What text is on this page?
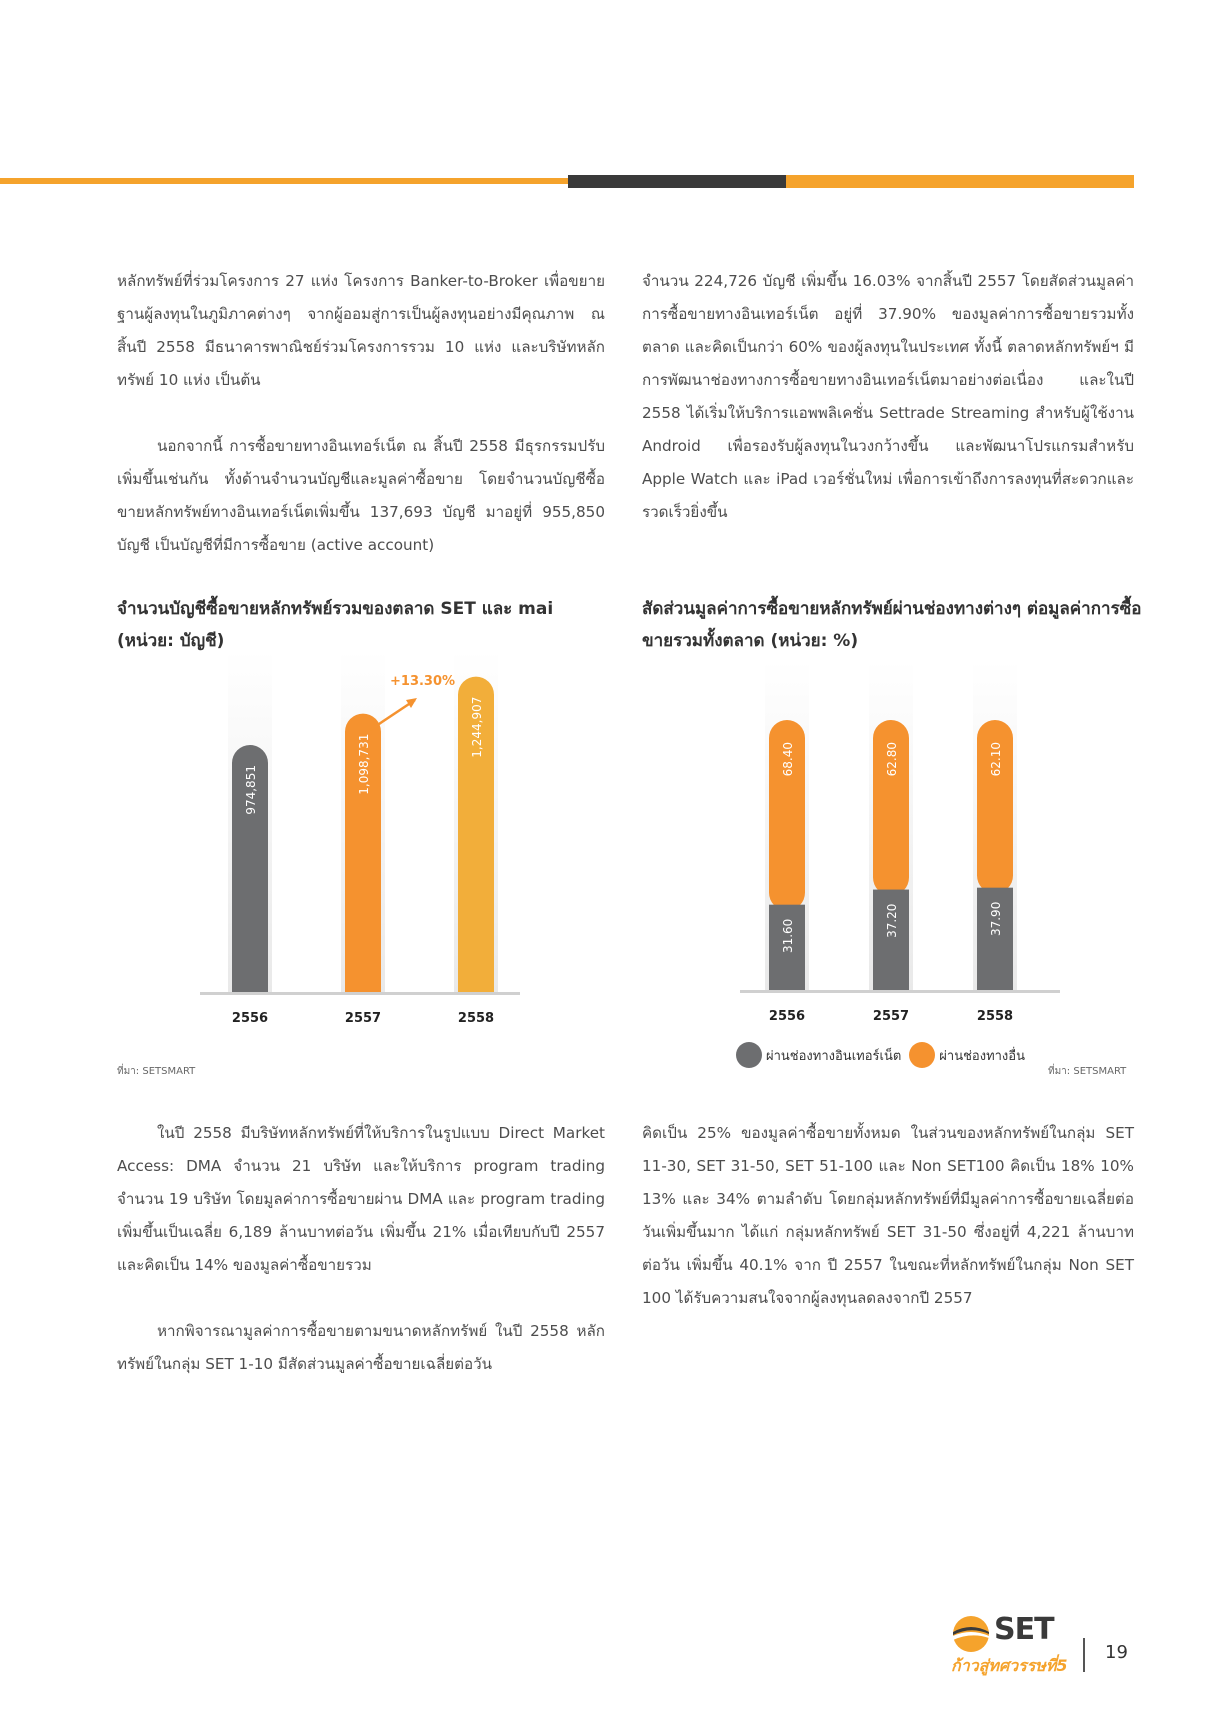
หลักทรัพย์ที่ร่วมโครงการ 27 แห่ง โครงการ Banker-to-Broker เพื่อขยายฐานผู้ลงทุนในภูมิภาคต่างๆ จากผู้ออมสู่การเป็นผู้ลงทุนอย่างมีคุณภาพ ณ สิ้นปี 2558 มีธนาคารพาณิชย์ร่วมโครงการรวม 10 แห่ง และบริษัทหลักทรัพย์ 10 แห่ง เป็นต้น

นอกจากนี้ การซื้อขายทางอินเทอร์เน็ต ณ สิ้นปี 2558 มีธุรกรรมปรับเพิ่มขึ้นเช่นกัน ทั้งด้านจำนวนบัญชีและมูลค่าซื้อขาย โดยจำนวนบัญชีซื้อขายหลักทรัพย์ทางอินเทอร์เน็ตเพิ่มขึ้น 137,693 บัญชี มาอยู่ที่ 955,850 บัญชี เป็นบัญชีที่มีการซื้อขาย (active account)

จำนวน 224,726 บัญชี เพิ่มขึ้น 16.03% จากสิ้นปี 2557 โดยสัดส่วนมูลค่าการซื้อขายทางอินเทอร์เน็ต อยู่ที่ 37.90% ของมูลค่าการซื้อขายรวมทั้งตลาด และคิดเป็นกว่า 60% ของผู้ลงทุนในประเทศ ทั้งนี้ ตลาดหลักทรัพย์ฯ มีการพัฒนาช่องทางการซื้อขายทางอินเทอร์เน็ตมาอย่างต่อเนื่อง และในปี 2558 ได้เริ่มให้บริการแอพพลิเคชั่น Settrade Streaming สำหรับผู้ใช้งาน Android เพื่อรองรับผู้ลงทุนในวงกว้างขึ้น และพัฒนาโปรแกรมสำหรับ Apple Watch และ iPad เวอร์ชั่นใหม่ เพื่อการเข้าถึงการลงทุนที่สะดวกและรวดเร็วยิ่งขึ้น

จำนวนบัญชีซื้อขายหลักทรัพย์รวมของตลาด SET และ mai (หน่วย: บัญชี)
สัดส่วนมูลค่าการซื้อขายหลักทรัพย์ผ่านช่องทางต่างๆ ต่อมูลค่าการซื้อขายรวมทั้งตลาด (หน่วย: %)
974,851
2556
1,098,731
2557
1,244,907
2558
+13.30%
68.40
31.60
2556
62.80
37.20
2557
62.10
37.90
2558
ที่มา: SETSMART	ที่มา: SETSMART
ผ่านช่องทางอินเทอร์เน็ต	ผ่านช่องทางอื่น

ในปี 2558 มีบริษัทหลักทรัพย์ที่ให้บริการในรูปแบบ Direct Market Access: DMA จำนวน 21 บริษัท และให้บริการ program trading จำนวน 19 บริษัท โดยมูลค่าการซื้อขายผ่าน DMA และ program trading เพิ่มขึ้นเป็นเฉลี่ย 6,189 ล้านบาทต่อวัน เพิ่มขึ้น 21% เมื่อเทียบกับปี 2557 และคิดเป็น 14% ของมูลค่าซื้อขายรวม

หากพิจารณามูลค่าการซื้อขายตามขนาดหลักทรัพย์ ในปี 2558 หลักทรัพย์ในกลุ่ม SET 1-10 มีสัดส่วนมูลค่าซื้อขายเฉลี่ยต่อวัน

คิดเป็น 25% ของมูลค่าซื้อขายทั้งหมด ในส่วนของหลักทรัพย์ในกลุ่ม SET 11-30, SET 31-50, SET 51-100 และ Non SET100 คิดเป็น 18% 10% 13% และ 34% ตามลำดับ โดยกลุ่มหลักทรัพย์ที่มีมูลค่าการซื้อขายเฉลี่ยต่อวันเพิ่มขึ้นมาก ได้แก่ กลุ่มหลักทรัพย์ SET 31-50 ซึ่งอยู่ที่ 4,221 ล้านบาทต่อวัน เพิ่มขึ้น 40.1% จาก ปี 2557 ในขณะที่หลักทรัพย์ในกลุ่ม Non SET 100 ได้รับความสนใจจากผู้ลงทุนลดลงจากปี 2557

SET
ก้าวสู่ทศวรรษที่5
19
